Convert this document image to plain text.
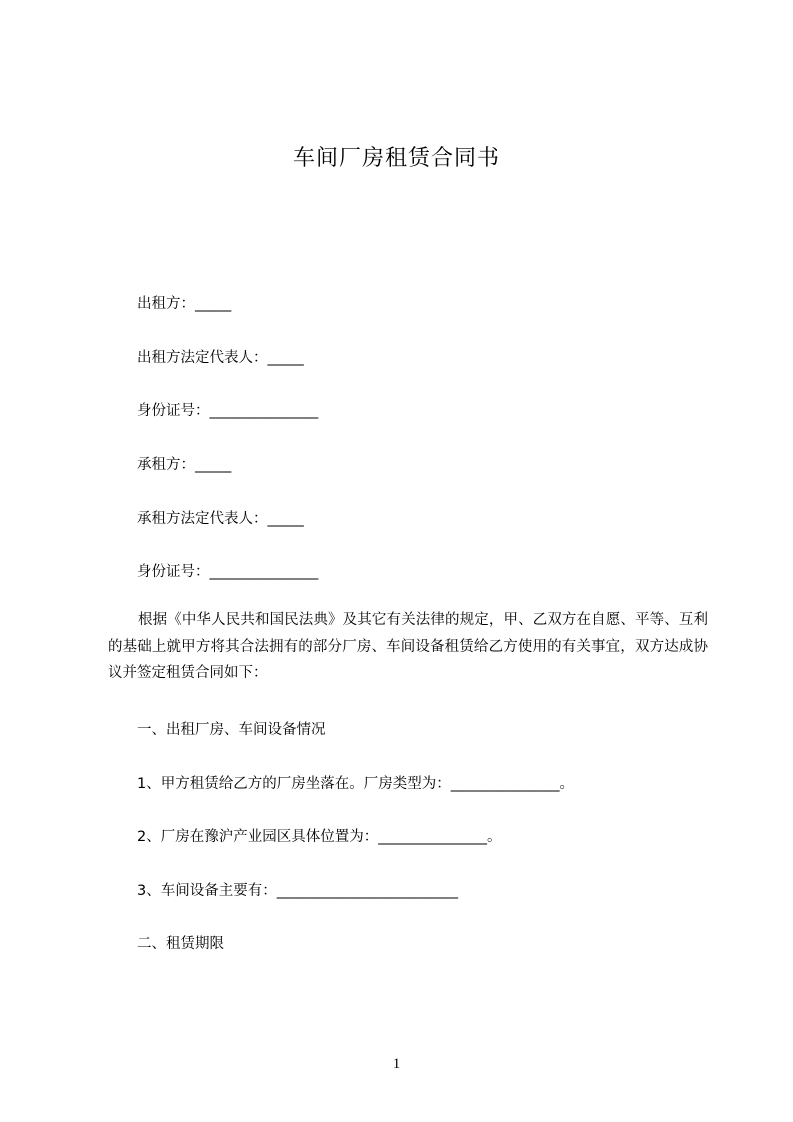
车间厂房租赁合同书
出租方：_____
出租方法定代表人：_____
身份证号：_______________
承租方：_____
承租方法定代表人：_____
身份证号：_______________
根据《中华人民共和国民法典》及其它有关法律的规定，甲、乙双方在自愿、平等、互利的基础上就甲方将其合法拥有的部分厂房、车间设备租赁给乙方使用的有关事宜，双方达成协议并签定租赁合同如下：
一、出租厂房、车间设备情况
1、甲方租赁给乙方的厂房坐落在。厂房类型为：_______________。
2、厂房在豫沪产业园区具体位置为：_______________。
3、车间设备主要有：_________________________
二、租赁期限
1
